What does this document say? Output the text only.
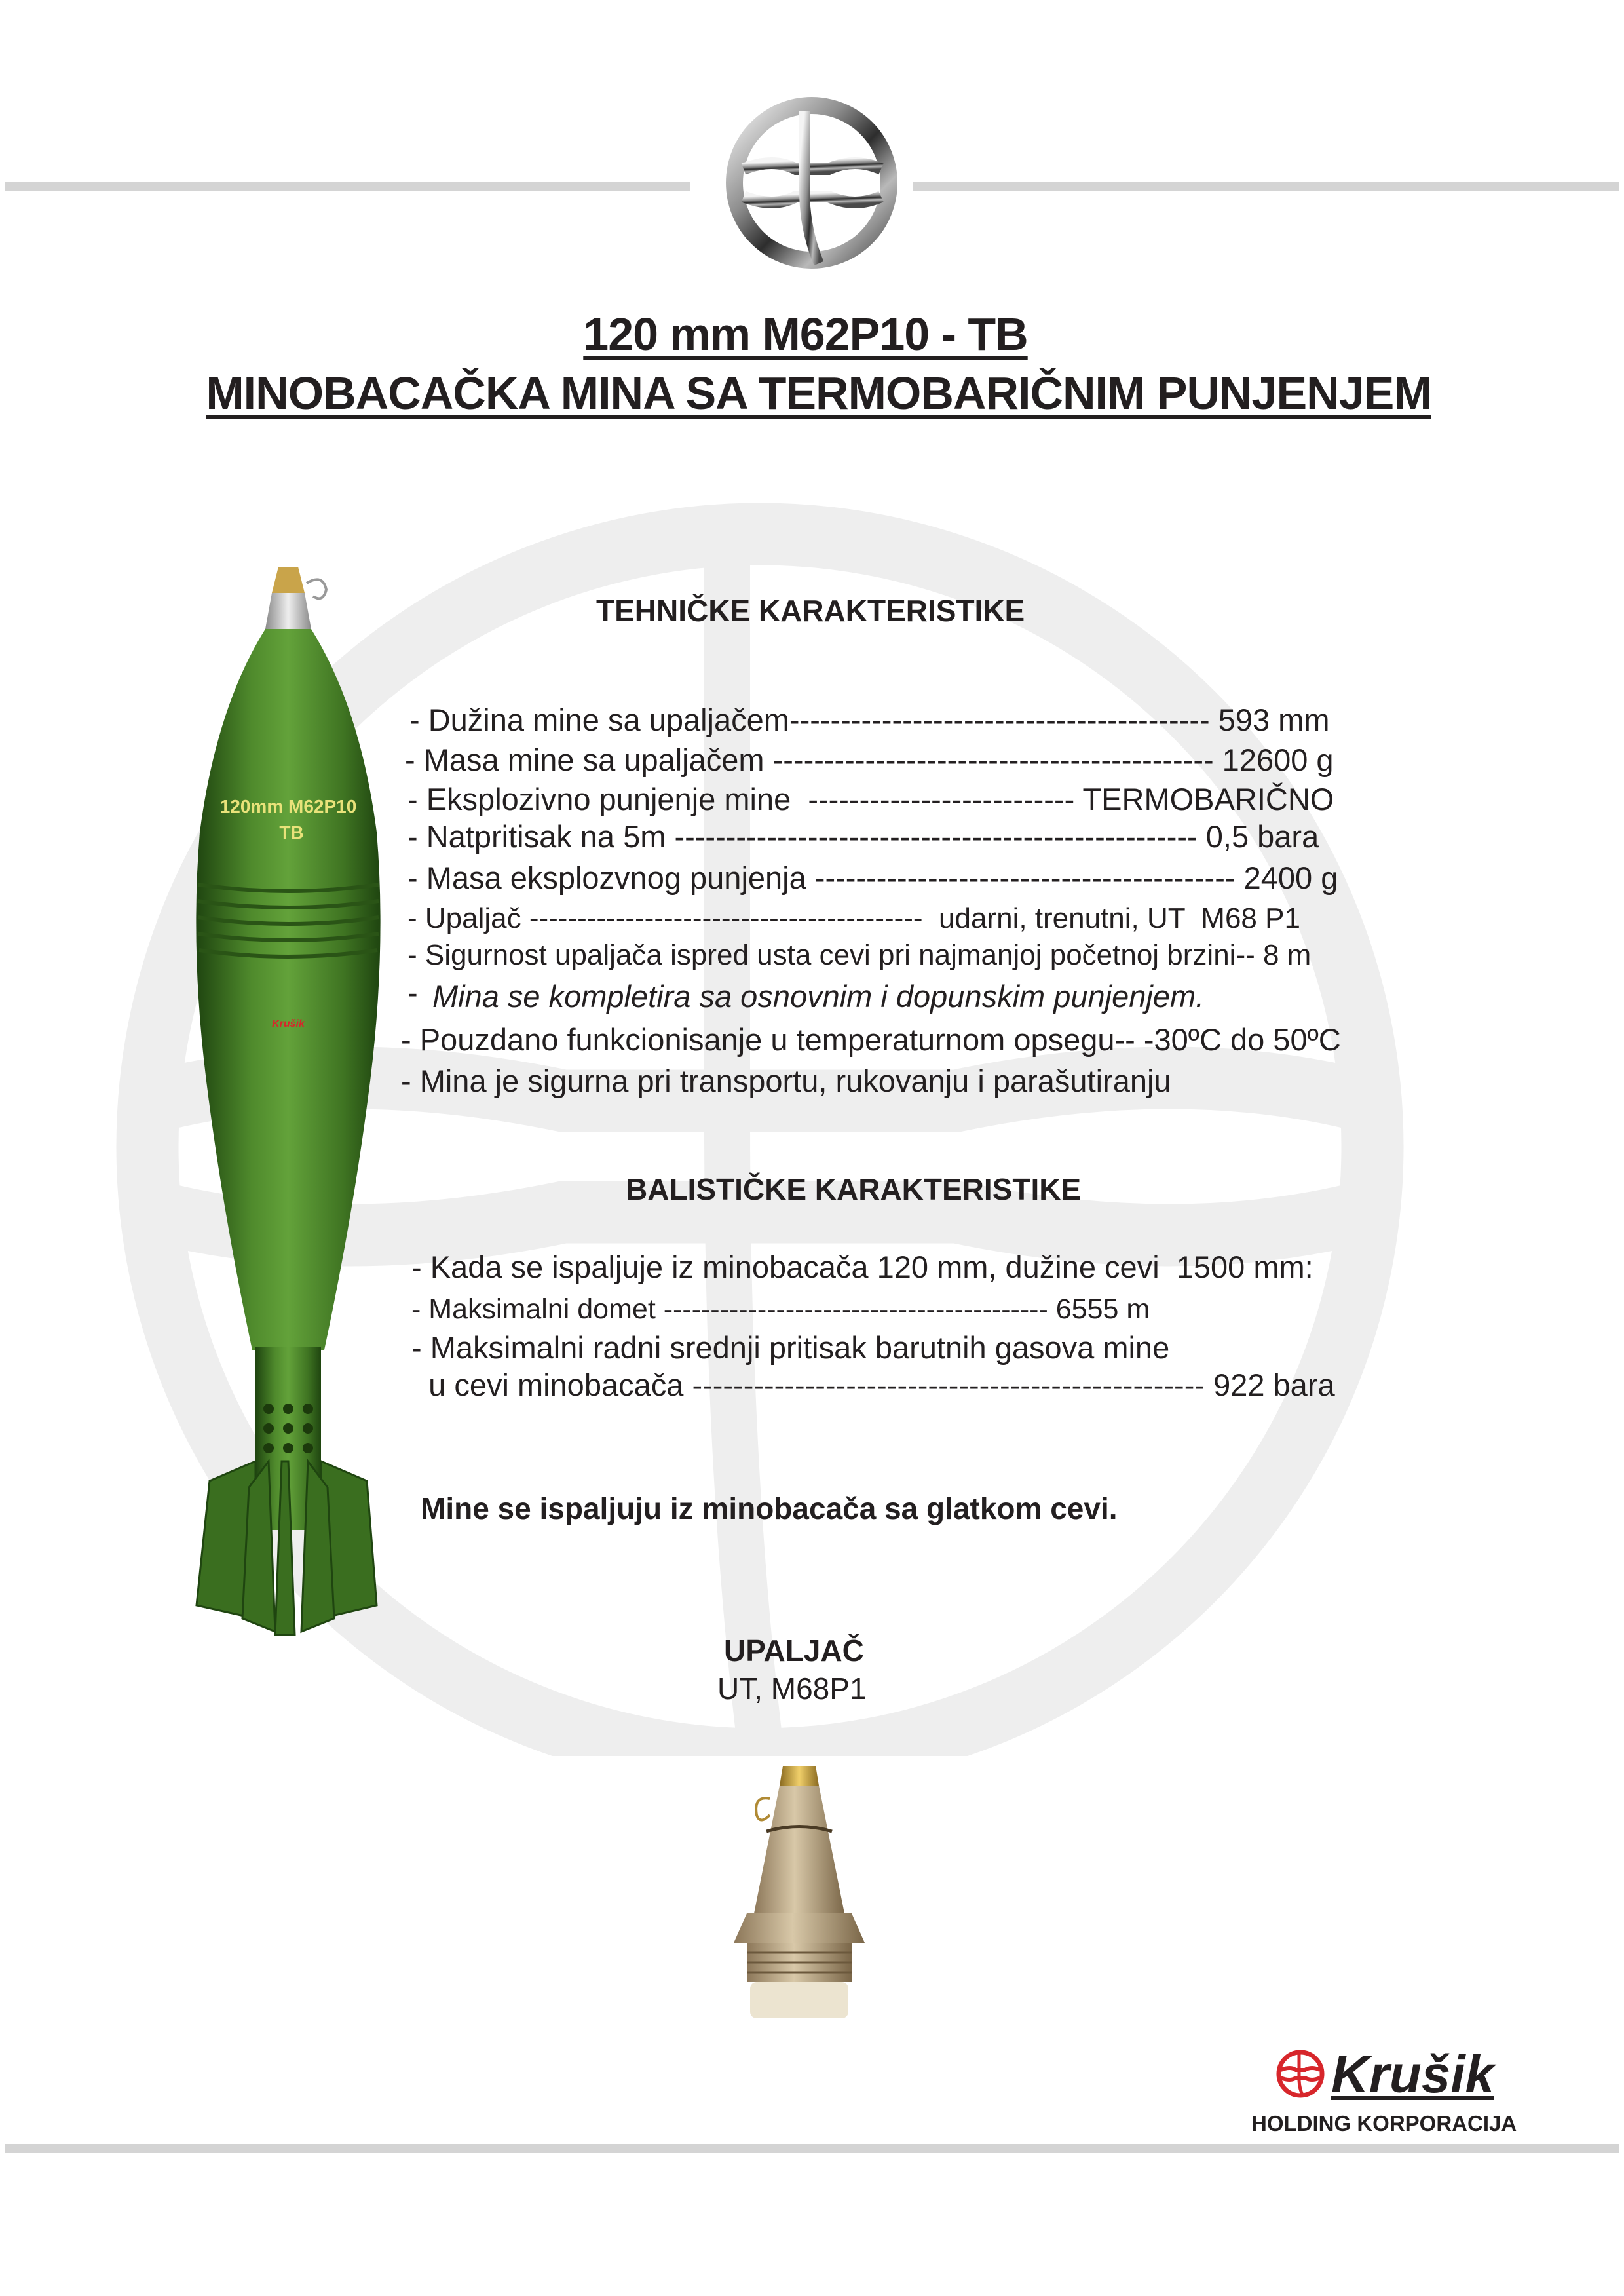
120 mm M62P10 - TB
MINOBACAČKA MINA SA TERMOBARIČNIM PUNJENJEM
120mm M62P10
TB
Krušik
TEHNIČKE KARAKTERISTIKE
- Dužina mine sa upaljačem----------------------------------------- 593 mm
- Masa mine sa upaljačem ------------------------------------------- 12600 g
- Eksplozivno punjenje mine  -------------------------- TERMOBARIČNO
- Natpritisak na 5m --------------------------------------------------- 0,5 bara
- Masa eksplozvnog punjenja ----------------------------------------- 2400 g
- Upaljač -----------------------------------------  udarni, trenutni, UT  M68 P1
- Sigurnost upaljača ispred usta cevi pri najmanjoj početnoj brzini-- 8 m
- Mina se kompletira sa osnovnim i dopunskim punjenjem.
- Pouzdano funkcionisanje u temperaturnom opsegu-- -30ºC do 50ºC
- Mina je sigurna pri transportu, rukovanju i parašutiranju
BALISTIČKE KARAKTERISTIKE
- Kada se ispaljuje iz minobacača 120 mm, dužine cevi  1500 mm:
- Maksimalni domet ----------------------------------------- 6555 m
- Maksimalni radni srednji pritisak barutnih gasova mine
u cevi minobacača -------------------------------------------------- 922 bara
Mine se ispaljuju iz minobacača sa glatkom cevi.
UPALJAČ
UT, M68P1
Krušik
HOLDING KORPORACIJA
